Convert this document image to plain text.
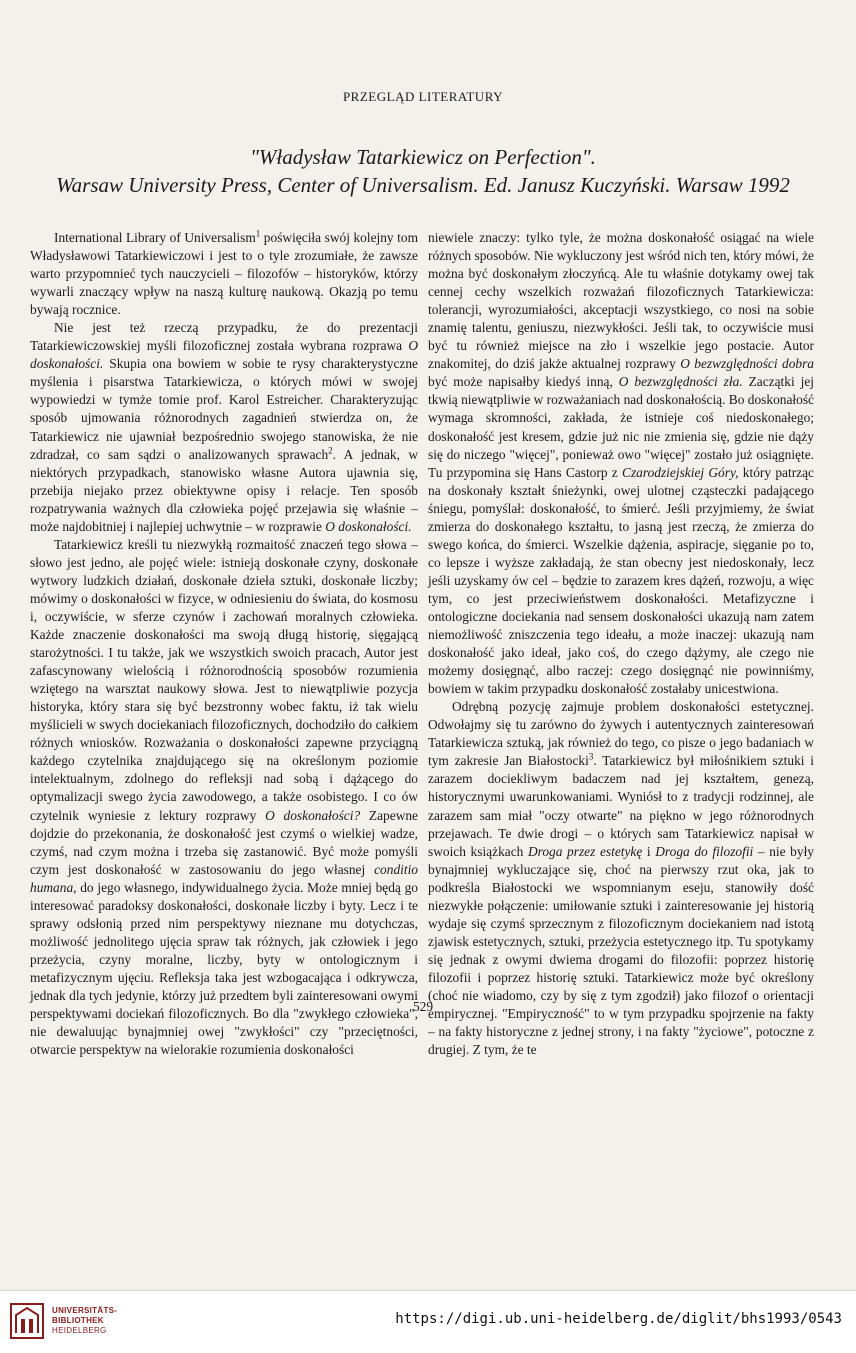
PRZEGLĄD LITERATURY
"Władysław Tatarkiewicz on Perfection".
Warsaw University Press, Center of Universalism. Ed. Janusz Kuczyński. Warsaw 1992

International Library of Universalism$^1$ poświęciła swój kolejny tom Władysławowi Tatarkiewiczowi i jest to o tyle zrozumiałe, że zawsze warto przypomnieć tych nauczycieli – filozofów – historyków, którzy wywarli znaczący wpływ na naszą kulturę naukową. Okazją po temu bywają rocznice.

Nie jest też rzeczą przypadku, że do prezentacji Tatarkiewiczowskiej myśli filozoficznej została wybrana rozprawa O doskonałości. Skupia ona bowiem w sobie te rysy charakterystyczne myślenia i pisarstwa Tatarkiewicza, o których mówi w swojej wypowiedzi w tymże tomie prof. Karol Estreicher. Charakteryzując sposób ujmowania różnorodnych zagadnień stwierdza on, że Tatarkiewicz nie ujawniał bezpośrednio swojego stanowiska, że nie zdradzał, co sam sądzi o analizowanych sprawach$^2$. A jednak, w niektórych przypadkach, stanowisko własne Autora ujawnia się, przebija niejako przez obiektywne opisy i relacje. Ten sposób rozpatrywania ważnych dla człowieka pojęć przejawia się właśnie – może najdobitniej i najlepiej uchwytnie – w rozprawie O doskonałości.

Tatarkiewicz kreśli tu niezwykłą rozmaitość znaczeń tego słowa – słowo jest jedno, ale pojęć wiele: istnieją doskonałe czyny, doskonałe wytwory ludzkich działań, doskonałe dzieła sztuki, doskonałe liczby; mówimy o doskonałości w fizyce, w odniesieniu do świata, do kosmosu i, oczywiście, w sferze czynów i zachowań moralnych człowieka. Każde znaczenie doskonałości ma swoją długą historię, sięgającą starożytności. I tu także, jak we wszystkich swoich pracach, Autor jest zafascynowany wielością i różnorodnością sposobów rozumienia wziętego na warsztat naukowy słowa. Jest to niewątpliwie pozycja historyka, który stara się być bezstronny wobec faktu, iż tak wielu myślicieli w swych dociekaniach filozoficznych, dochodziło do całkiem różnych wniosków. Rozważania o doskonałości zapewne przyciągną każdego czytelnika znajdującego się na określonym poziomie intelektualnym, zdolnego do refleksji nad sobą i dążącego do optymalizacji swego życia zawodowego, a także osobistego. I co ów czytelnik wyniesie z lektury rozprawy O doskonałości? Zapewne dojdzie do przekonania, że doskonałość jest czymś o wielkiej wadze, czymś, nad czym można i trzeba się zastanowić. Być może pomyśli czym jest doskonałość w zastosowaniu do jego własnej conditio humana, do jego własnego, indywidualnego życia. Może mniej będą go interesować paradoksy doskonałości, doskonałe liczby i byty. Lecz i te sprawy odsłonią przed nim perspektywy nieznane mu dotychczas, możliwość jednolitego ujęcia spraw tak różnych, jak człowiek i jego przeżycia, czyny moralne, liczby, byty w ontologicznym i metafizycznym ujęciu. Refleksja taka jest wzbogacająca i odkrywcza, jednak dla tych jedynie, którzy już przedtem byli zainteresowani owymi perspektywami dociekań filozoficznych. Bo dla "zwykłego człowieka", nie dewaluując bynajmniej owej "zwykłości" czy "przeciętności, otwarcie perspektyw na wielorakie rozumienia doskonałości

niewiele znaczy: tylko tyle, że można doskonałość osiągać na wiele różnych sposobów. Nie wykluczony jest wśród nich ten, który mówi, że można być doskonałym złoczyńcą. Ale tu właśnie dotykamy owej tak cennej cechy wszelkich rozważań filozoficznych Tatarkiewicza: tolerancji, wyrozumiałości, akceptacji wszystkiego, co nosi na sobie znamię talentu, geniuszu, niezwykłości. Jeśli tak, to oczywiście musi być tu również miejsce na zło i wszelkie jego postacie. Autor znakomitej, do dziś jakże aktualnej rozprawy O bezwzględności dobra być może napisałby kiedyś inną, O bezwzględności zła. Zaczątki jej tkwią niewątpliwie w rozważaniach nad doskonałością. Bo doskonałość wymaga skromności, zakłada, że istnieje coś niedoskonałego; doskonałość jest kresem, gdzie już nic nie zmienia się, gdzie nie dąży się do niczego "więcej", ponieważ owo "więcej" zostało już osiągnięte. Tu przypomina się Hans Castorp z Czarodziejskiej Góry, który patrząc na doskonały kształt śnieżynki, owej ulotnej cząsteczki padającego śniegu, pomyślał: doskonałość, to śmierć. Jeśli przyjmiemy, że świat zmierza do doskonałego kształtu, to jasną jest rzeczą, że zmierza do swego końca, do śmierci. Wszelkie dążenia, aspiracje, sięganie po to, co lepsze i wyższe zakładają, że stan obecny jest niedoskonały, lecz jeśli uzyskamy ów cel – będzie to zarazem kres dążeń, rozwoju, a więc tym, co jest przeciwieństwem doskonałości. Metafizyczne i ontologiczne dociekania nad sensem doskonałości ukazują nam zatem niemożliwość zniszczenia tego ideału, a może inaczej: ukazują nam doskonałość jako ideał, jako coś, do czego dążymy, ale czego nie możemy dosięgnąć, albo raczej: czego dosięgnąć nie powinniśmy, bowiem w takim przypadku doskonałość zostałaby unicestwiona.

Odrębną pozycję zajmuje problem doskonałości estetycznej. Odwołajmy się tu zarówno do żywych i autentycznych zainteresowań Tatarkiewicza sztuką, jak również do tego, co pisze o jego badaniach w tym zakresie Jan Białostocki$^3$. Tatarkiewicz był miłośnikiem sztuki i zarazem dociekliwym badaczem nad jej kształtem, genezą, historycznymi uwarunkowaniami. Wyniósł to z tradycji rodzinnej, ale zarazem sam miał "oczy otwarte" na piękno w jego różnorodnych przejawach. Te dwie drogi – o których sam Tatarkiewicz napisał w swoich książkach Droga przez estetykę i Droga do filozofii – nie były bynajmniej wykluczające się, choć na pierwszy rzut oka, jak to podkreśla Białostocki we wspomnianym eseju, stanowiły dość niezwykłe połączenie: umiłowanie sztuki i zainteresowanie jej historią wydaje się czymś sprzecznym z filozoficznym dociekaniem nad istotą zjawisk estetycznych, sztuki, przeżycia estetycznego itp. Tu spotykamy się jednak z owymi dwiema drogami do filozofii: poprzez historię filozofii i poprzez historię sztuki. Tatarkiewicz może być określony (choć nie wiadomo, czy by się z tym zgodził) jako filozof o orientacji empirycznej. "Empiryczność" to w tym przypadku spojrzenie na fakty – na fakty historyczne z jednej strony, i na fakty "życiowe", potoczne z drugiej. Z tym, że te

529
UNIVERSITÄTS-
BIBLIOTHEK
HEIDELBERG
https://digi.ub.uni-heidelberg.de/diglit/bhs1993/0543
